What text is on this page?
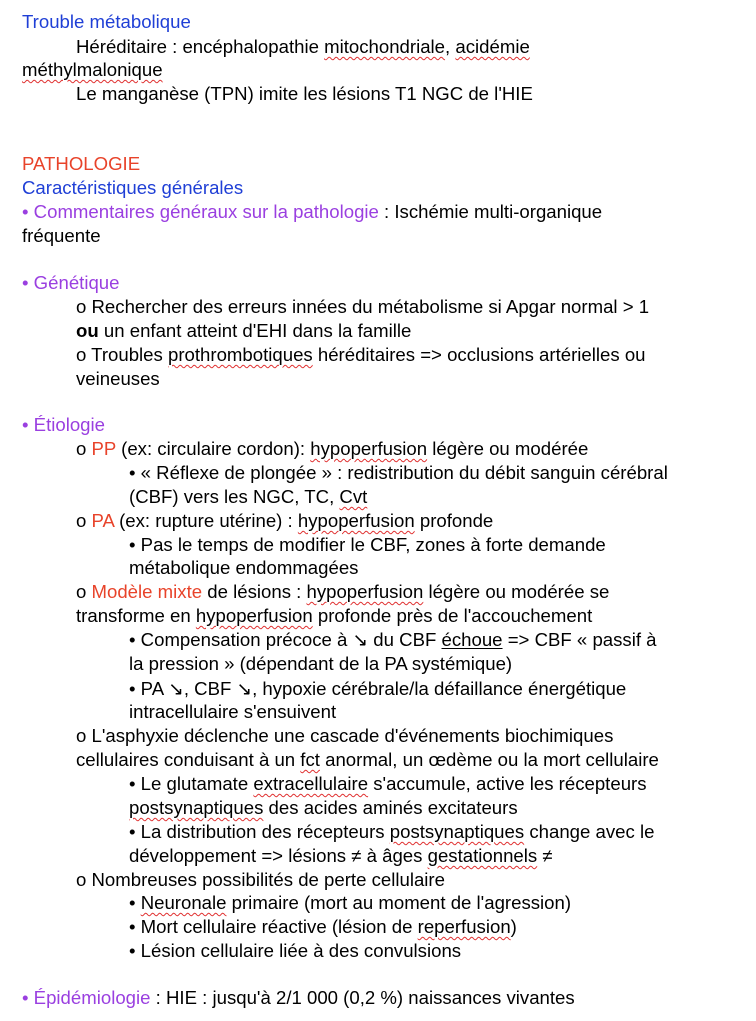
Trouble métabolique
Héréditaire : encéphalopathie mitochondriale, acidémie
méthylmalonique
Le manganèse (TPN) imite les lésions T1 NGC de l'HIE
PATHOLOGIE
Caractéristiques générales
• Commentaires généraux sur la pathologie : Ischémie multi-organique
fréquente
• Génétique
o Rechercher des erreurs innées du métabolisme si Apgar normal > 1
ou un enfant atteint d'EHI dans la famille
o Troubles prothrombotiques héréditaires => occlusions artérielles ou
veineuses
• Étiologie
o PP (ex: circulaire cordon): hypoperfusion légère ou modérée
• « Réflexe de plongée » : redistribution du débit sanguin cérébral
(CBF) vers les NGC, TC, Cvt
o PA (ex: rupture utérine) : hypoperfusion profonde
• Pas le temps de modifier le CBF, zones à forte demande
métabolique endommagées
o Modèle mixte de lésions : hypoperfusion légère ou modérée se
transforme en hypoperfusion profonde près de l'accouchement
• Compensation précoce à ↘ du CBF échoue => CBF « passif à
la pression » (dépendant de la PA systémique)
• PA ↘, CBF ↘, hypoxie cérébrale/la défaillance énergétique
intracellulaire s'ensuivent
o L'asphyxie déclenche une cascade d'événements biochimiques
cellulaires conduisant à un fct anormal, un œdème ou la mort cellulaire
• Le glutamate extracellulaire s'accumule, active les récepteurs
postsynaptiques des acides aminés excitateurs
• La distribution des récepteurs postsynaptiques change avec le
développement => lésions ≠ à âges gestationnels ≠
o Nombreuses possibilités de perte cellulaire
• Neuronale primaire (mort au moment de l'agression)
• Mort cellulaire réactive (lésion de reperfusion)
• Lésion cellulaire liée à des convulsions
• Épidémiologie : HIE : jusqu'à 2/1 000 (0,2 %) naissances vivantes
